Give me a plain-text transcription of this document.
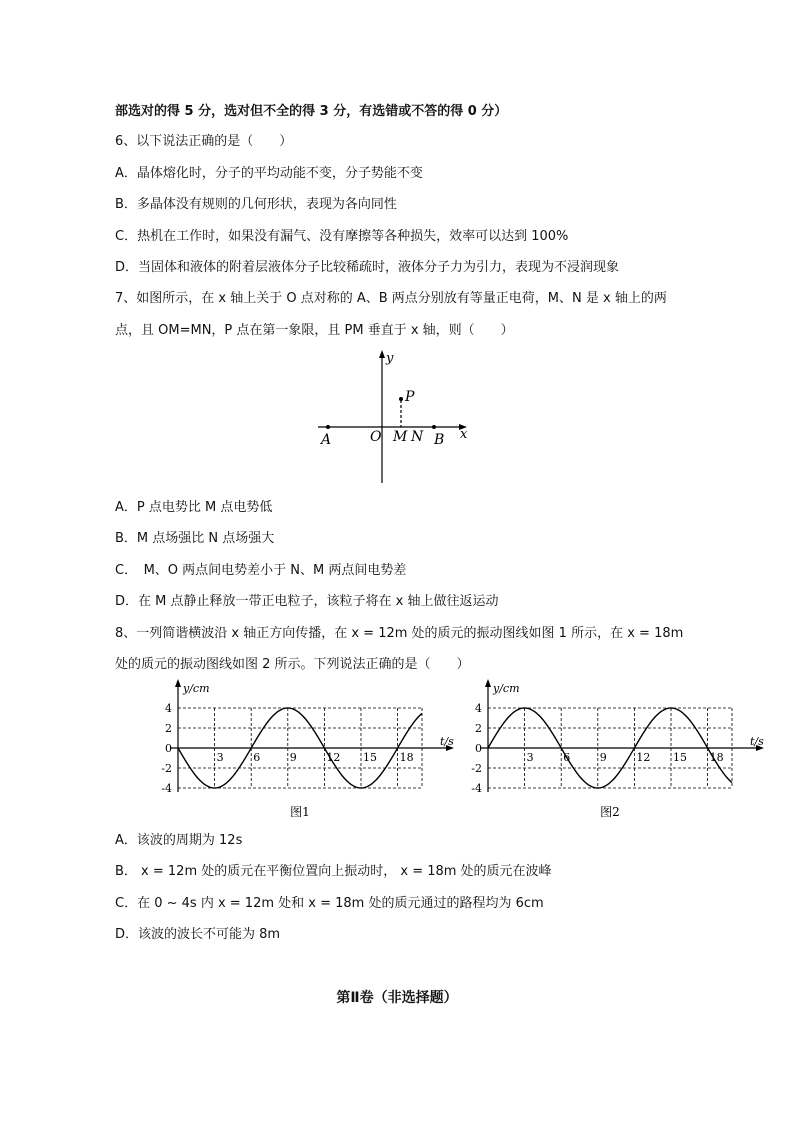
部选对的得 5 分，选对但不全的得 3 分，有选错或不答的得 0 分）
6、以下说法正确的是（　　）
A．晶体熔化时，分子的平均动能不变，分子势能不变
B．多晶体没有规则的几何形状，表现为各向同性
C．热机在工作时，如果没有漏气、没有摩擦等各种损失，效率可以达到 100%
D．当固体和液体的附着层液体分子比较稀疏时，液体分子力为引力，表现为不浸润现象
7、如图所示，在 x 轴上关于 O 点对称的 A、B 两点分别放有等量正电荷，M、N 是 x 轴上的两
点，且 OM=MN，P 点在第一象限，且 PM 垂直于 x 轴，则（　　）
y
P
A	O M N B x
A．P 点电势比 M 点电势低
B．M 点场强比 N 点场强大
C．　M、O 两点间电势差小于 N、M 两点间电势差
D．在 M 点静止释放一带正电粒子，该粒子将在 x 轴上做往返运动
8、一列简谐横波沿 x 轴正方向传播，在 x = 12m 处的质元的振动图线如图 1 所示，在 x = 18m
处的质元的振动图线如图 2 所示。下列说法正确的是（　　）
-4
-2
0
2
4
3	6	9	12 15 18
y/cm
t/s
图1
-4
-2
0
2
4
3	6	9	12 15 18
y/cm
t/s
图2
A．该波的周期为 12s
B． x = 12m 处的质元在平衡位置向上振动时， x = 18m 处的质元在波峰
C．在 0 ~ 4s 内 x = 12m 处和 x = 18m 处的质元通过的路程均为 6cm
D．该波的波长不可能为 8m
第Ⅱ卷（非选择题）
